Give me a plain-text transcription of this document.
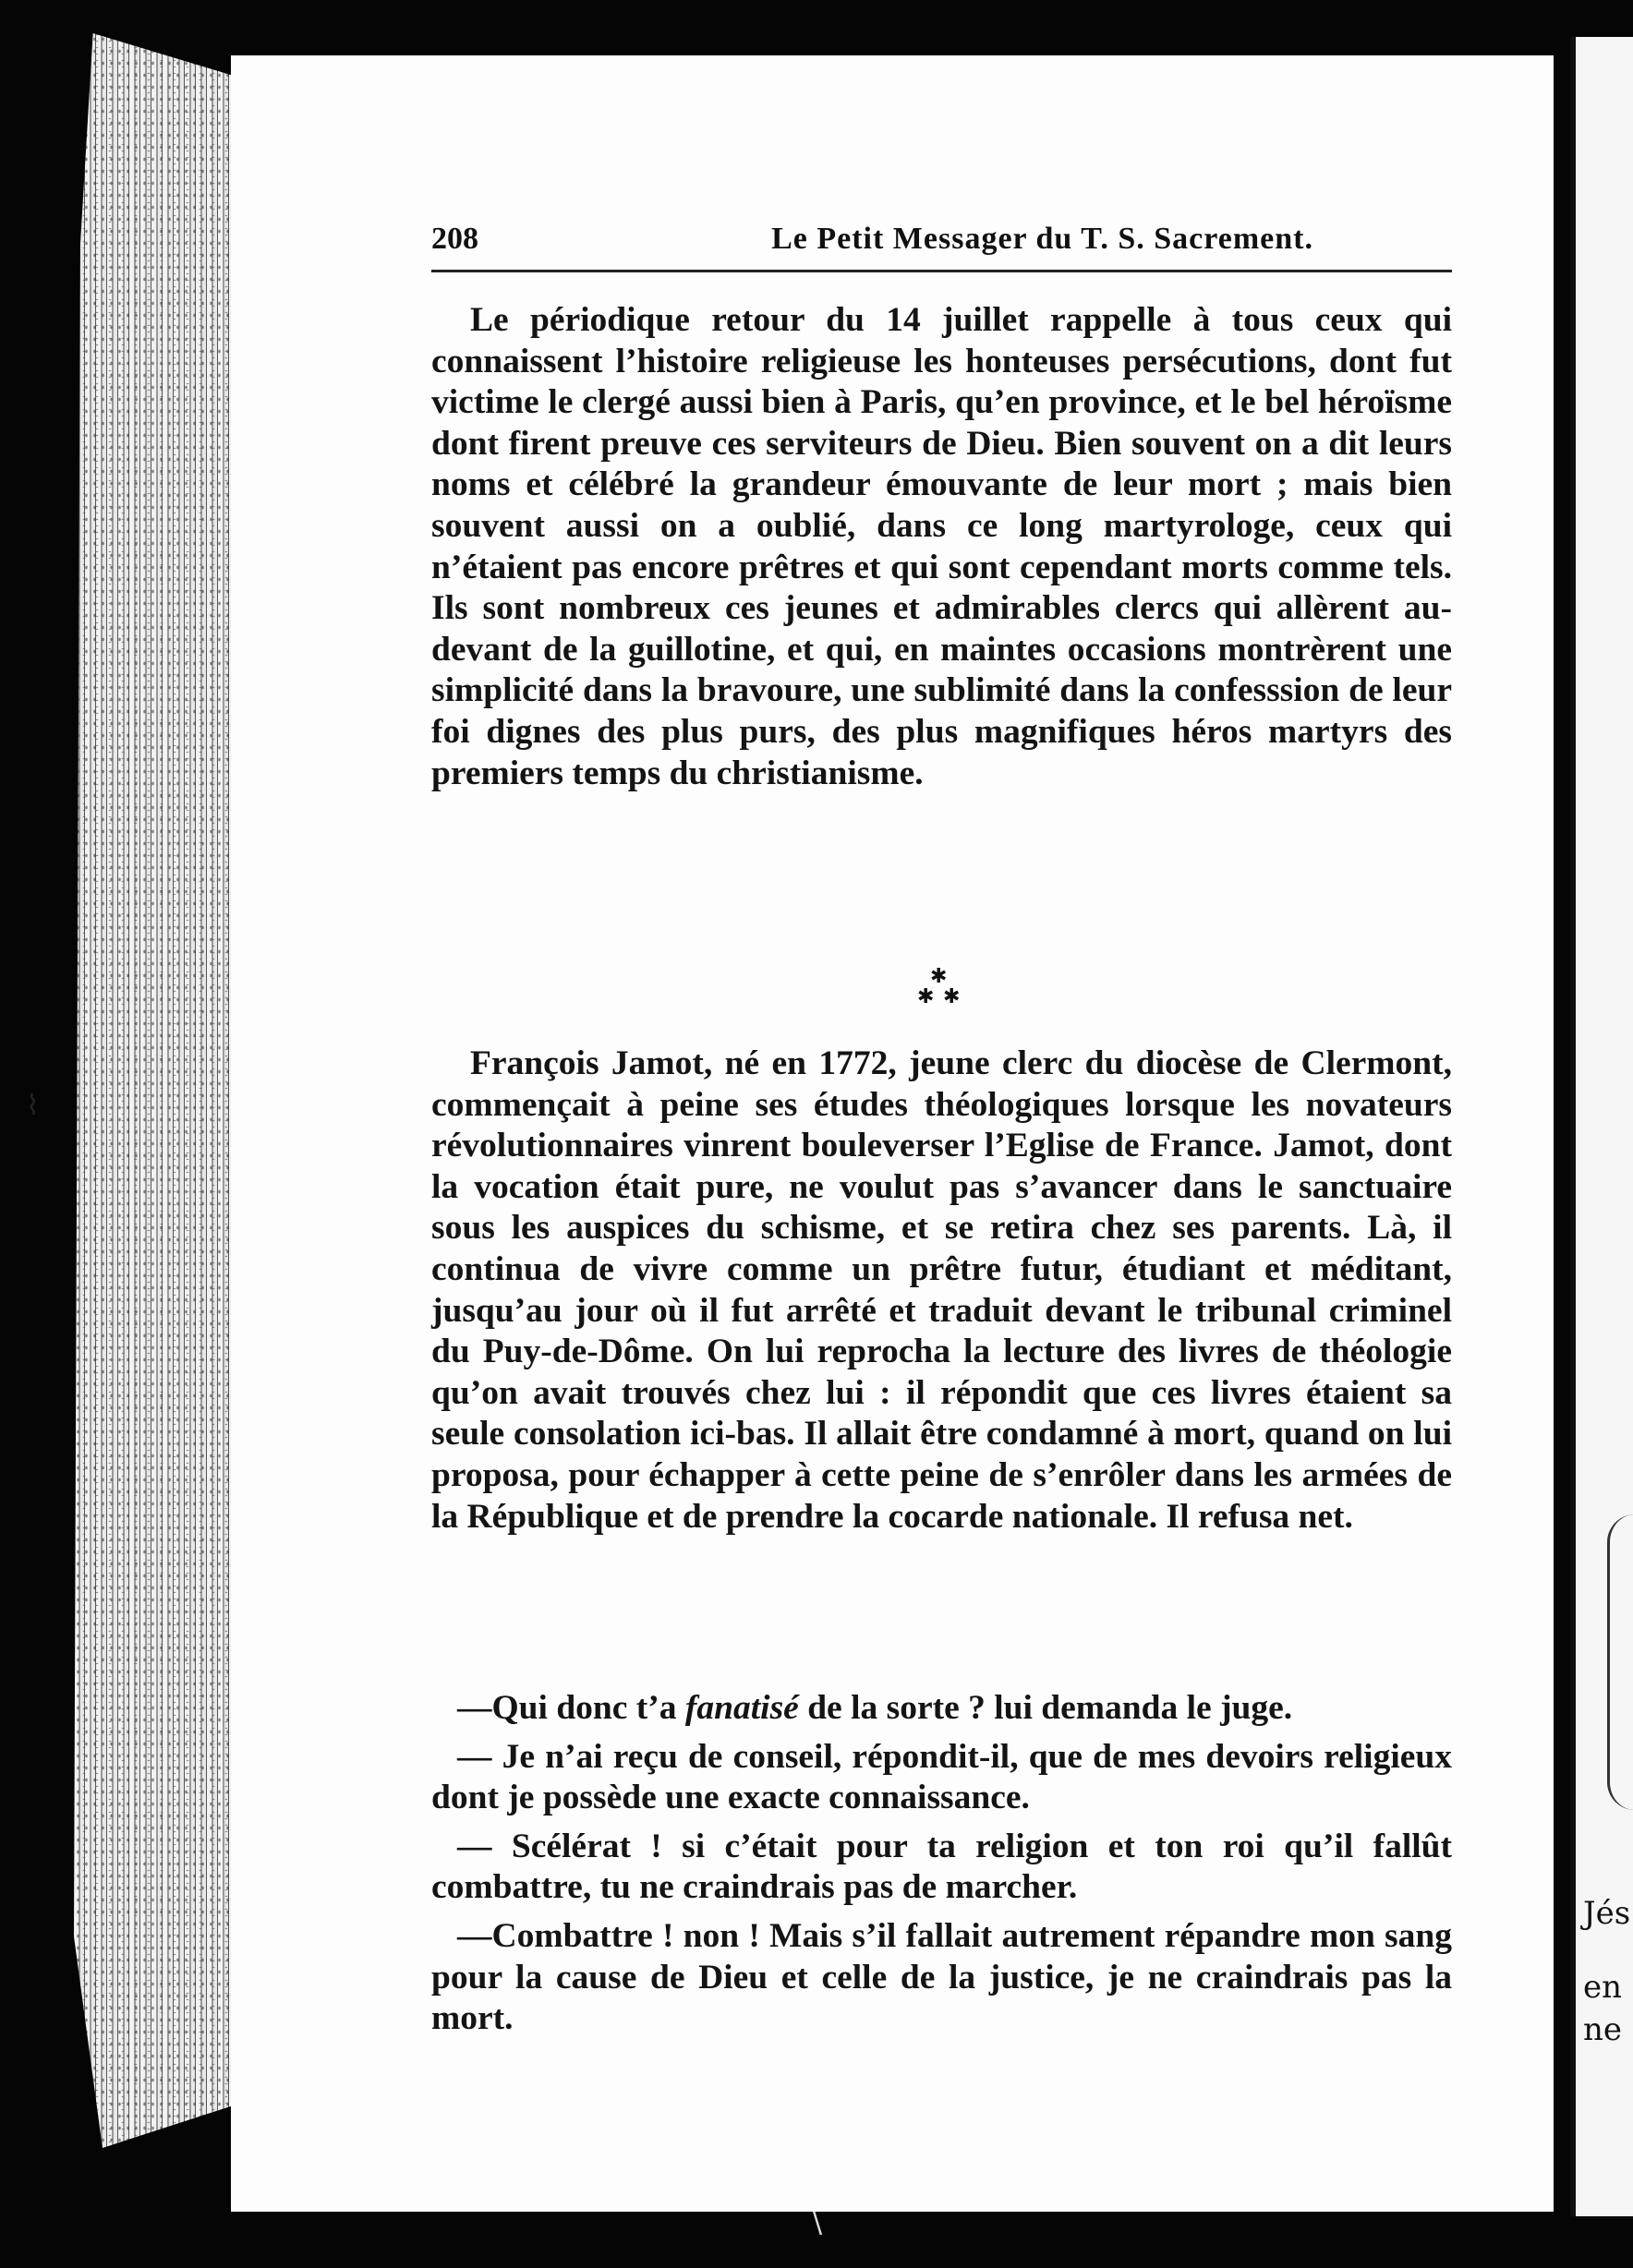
Jés
en
ne
208	Le Petit Messager du T. S. Sacrement.

Le périodique retour du 14 juillet rappelle à tous ceux qui connaissent l’histoire religieuse les honteuses persécutions, dont fut victime le clergé aussi bien à Paris, qu’en province, et le bel héroïsme dont firent preuve ces serviteurs de Dieu. Bien souvent on a dit leurs noms et célébré la grandeur émouvante de leur mort ; mais bien souvent aussi on a oublié, dans ce long martyrologe, ceux qui n’étaient pas encore prêtres et qui sont cependant morts comme tels. Ils sont nombreux ces jeunes et admirables clercs qui allèrent au-devant de la guillotine, et qui, en maintes occasions montrèrent une simplicité dans la bravoure, une sublimité dans la confesssion de leur foi dignes des plus purs, des plus magnifiques héros martyrs des premiers temps du christianisme.

✱
✱ ✱

François Jamot, né en 1772, jeune clerc du diocèse de Clermont, commençait à peine ses études théologiques lorsque les novateurs révolutionnaires vinrent bouleverser l’Eglise de France. Jamot, dont la vocation était pure, ne voulut pas s’avancer dans le sanctuaire sous les auspices du schisme, et se retira chez ses parents. Là, il continua de vivre comme un prêtre futur, étudiant et méditant, jusqu’au jour où il fut arrêté et traduit devant le tribunal criminel du Puy-de-Dôme. On lui reprocha la lecture des livres de théologie qu’on avait trouvés chez lui : il répondit que ces livres étaient sa seule consolation ici-bas. Il allait être condamné à mort, quand on lui proposa, pour échapper à cette peine de s’enrôler dans les armées de la République et de prendre la cocarde nationale. Il refusa net.

—Qui donc t’a fanatisé de la sorte ? lui demanda le juge.

— Je n’ai reçu de conseil, répondit-il, que de mes devoirs religieux dont je possède une exacte connaissance.

— Scélérat ! si c’était pour ta religion et ton roi qu’il fallût combattre, tu ne craindrais pas de marcher.

—Combattre ! non ! Mais s’il fallait autrement répandre mon sang pour la cause de Dieu et celle de la justice, je ne craindrais pas la mort.

⌇
\
